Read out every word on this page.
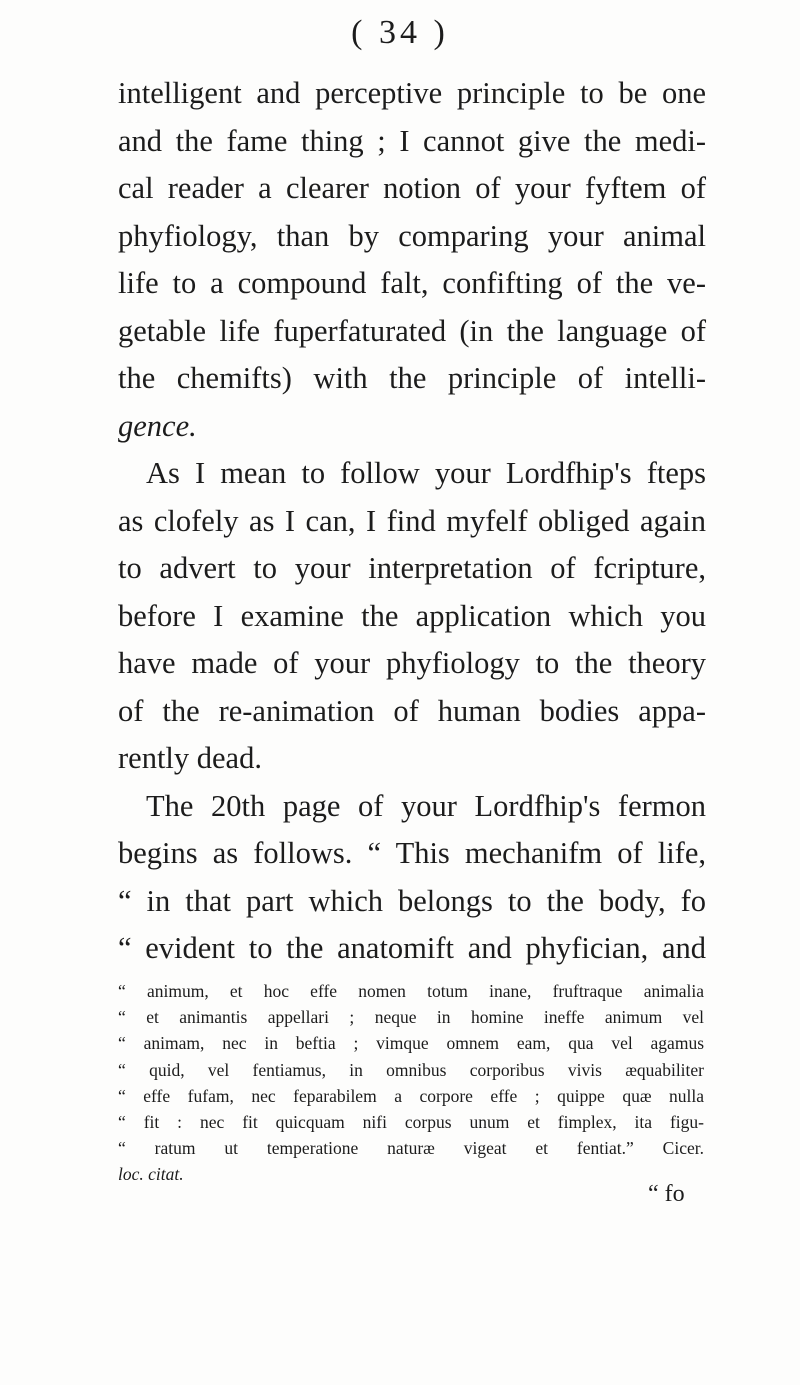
( 34 )
intelligent and perceptive principle to be one
and the fame thing ; I cannot give the medi-
cal reader a clearer notion of your fyftem of
phyfiology, than by comparing your animal
life to a compound falt, confifting of the ve-
getable life fuperfaturated (in the language of
the chemifts) with the principle of intelli-
gence.
As I mean to follow your Lordfhip's fteps
as clofely as I can, I find myfelf obliged again
to advert to your interpretation of fcripture,
before I examine the application which you
have made of your phyfiology to the theory
of the re-animation of human bodies appa-
rently dead.
The 20th page of your Lordfhip's fermon
begins as follows. “ This mechanifm of life,
“ in that part which belongs to the body, fo
“ evident to the anatomift and phyfician, and
“ animum, et hoc effe nomen totum inane, fruftraque animalia
“ et animantis appellari ; neque in homine ineffe animum vel
“ animam, nec in beftia ; vimque omnem eam, qua vel agamus
“ quid, vel fentiamus, in omnibus corporibus vivis æquabiliter
“ effe fufam, nec feparabilem a corpore effe ; quippe quæ nulla
“ fit : nec fit quicquam nifi corpus unum et fimplex, ita figu-
“ ratum ut temperatione naturæ vigeat et fentiat.” Cicer.
loc. citat.
“ fo
